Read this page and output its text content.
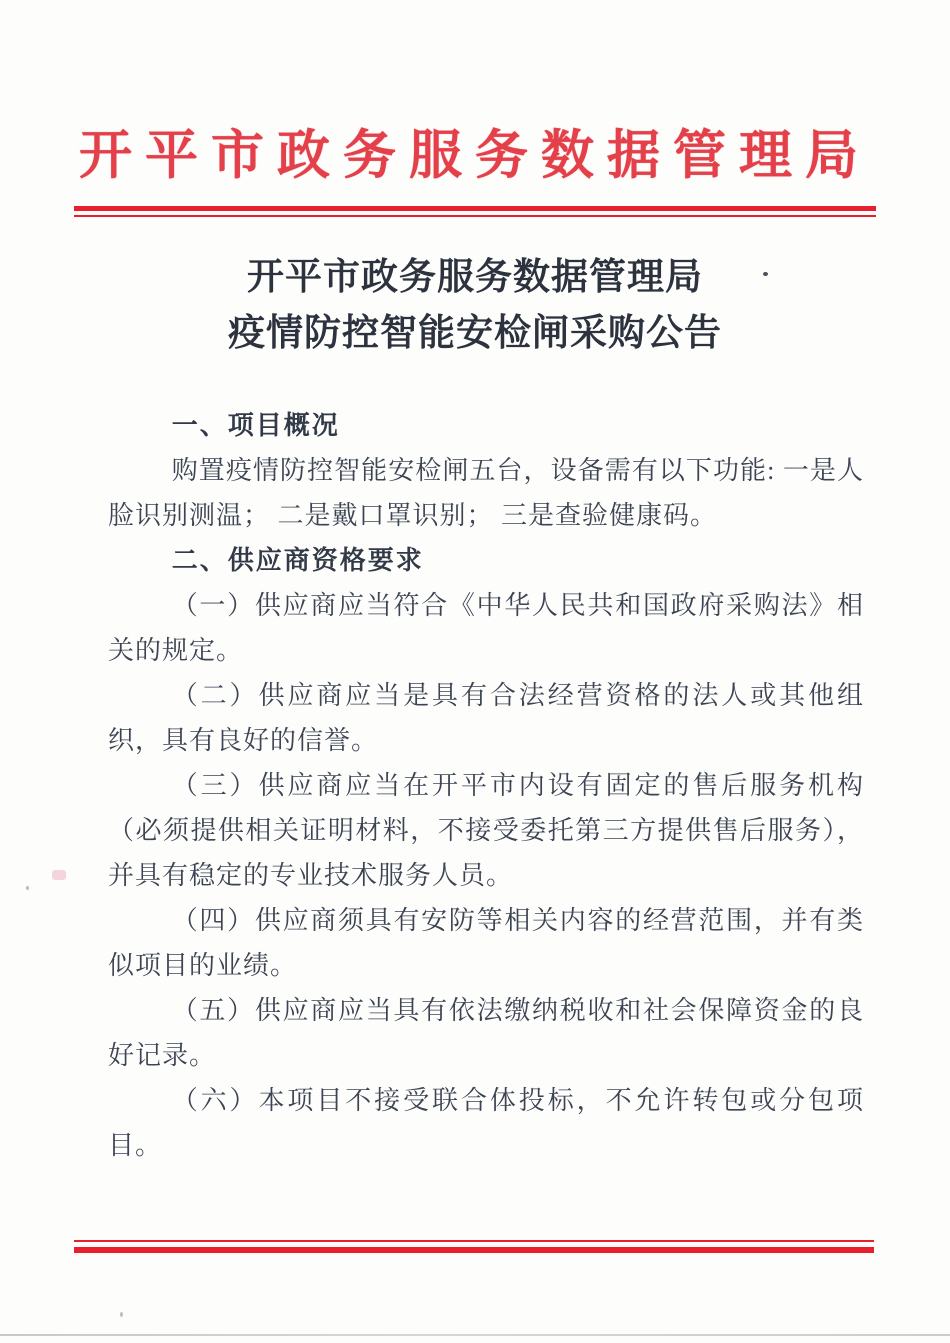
开平市政务服务数据管理局
开平市政务服务数据管理局
疫情防控智能安检闸采购公告
一、项目概况

购置疫情防控智能安检闸五台，设备需有以下功能: 一是人脸识别测温； 二是戴口罩识别； 三是查验健康码。

二、供应商资格要求

（一）供应商应当符合《中华人民共和国政府采购法》相关的规定。

（二）供应商应当是具有合法经营资格的法人或其他组织，具有良好的信誉。

（三）供应商应当在开平市内设有固定的售后服务机构（必须提供相关证明材料，不接受委托第三方提供售后服务），并具有稳定的专业技术服务人员。

（四）供应商须具有安防等相关内容的经营范围，并有类似项目的业绩。

（五）供应商应当具有依法缴纳税收和社会保障资金的良好记录。

（六）本项目不接受联合体投标，不允许转包或分包项目。
